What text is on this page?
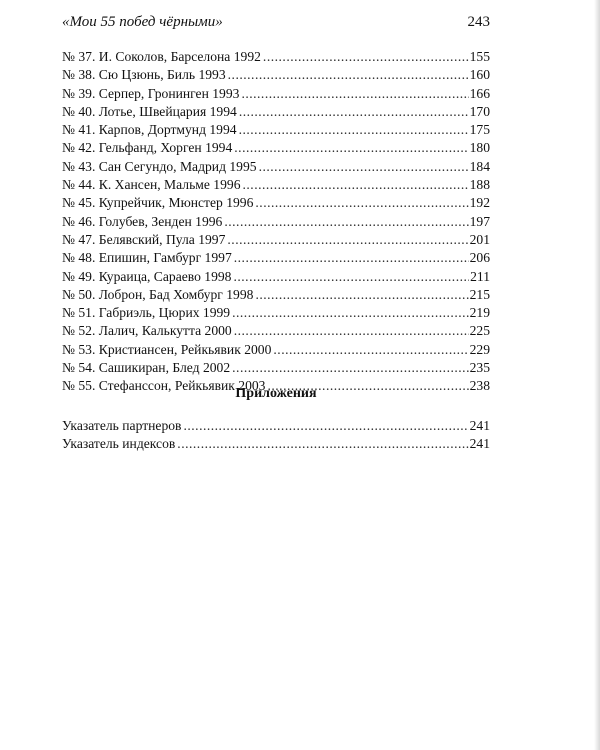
«Мои 55 побед чёрными»	243
№ 37. И. Соколов, Барселона 1992 .....	155
№ 38. Сю Цзюнь, Биль 1993 .....	160
№ 39. Серпер, Гронинген 1993 .....	166
№ 40. Лотье, Швейцария 1994 .....	170
№ 41. Карпов, Дортмунд 1994 .....	175
№ 42. Гельфанд, Хорген 1994 .....	180
№ 43. Сан Сегундо, Мадрид 1995 .....	184
№ 44. К. Хансен, Мальме 1996 .....	188
№ 45. Купрейчик, Мюнстер 1996 .....	192
№ 46. Голубев, Зенден 1996 .....	197
№ 47. Белявский, Пула 1997 .....	201
№ 48. Епишин, Гамбург 1997 .....	206
№ 49. Кураица, Сараево 1998 .....	211
№ 50. Лоброн, Бад Хомбург 1998 .....	215
№ 51. Габриэль, Цюрих 1999 .....	219
№ 52. Лалич, Калькутта 2000 .....	225
№ 53. Кристиансен, Рейкьявик 2000 .....	229
№ 54. Сашикиран, Блед 2002 .....	235
№ 55. Стефанссон, Рейкьявик 2003 .....	238
Приложения
Указатель партнеров .....	241
Указатель индексов .....	241
